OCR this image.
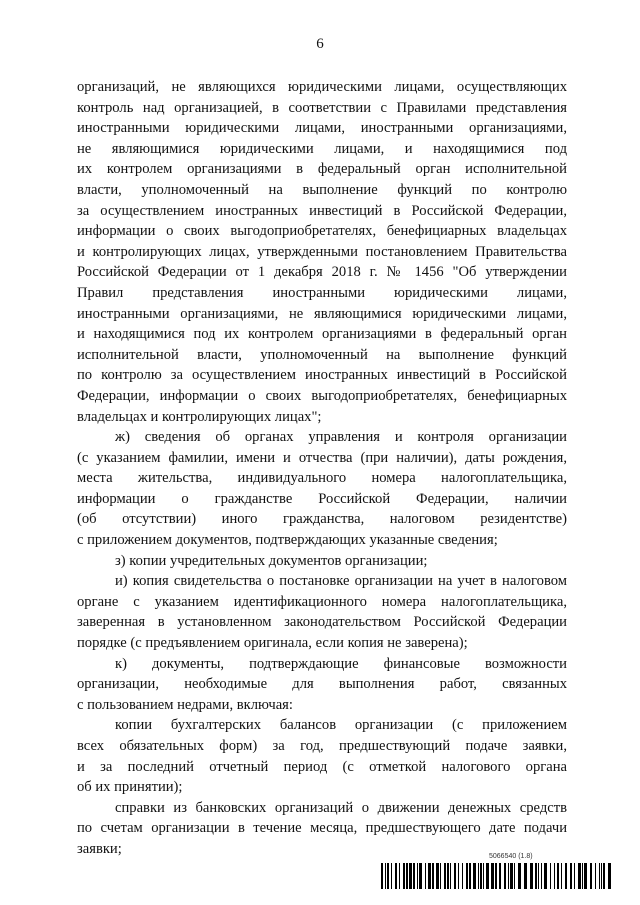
6
организаций, не являющихся юридическими лицами, осуществляющих
контроль над организацией, в соответствии с Правилами представления
иностранными юридическими лицами, иностранными организациями,
не являющимися юридическими лицами, и находящимися под
их контролем организациями в федеральный орган исполнительной
власти, уполномоченный на выполнение функций по контролю
за осуществлением иностранных инвестиций в Российской Федерации,
информации о своих выгодоприобретателях, бенефициарных владельцах
и контролирующих лицах, утвержденными постановлением Правительства
Российской Федерации от 1 декабря 2018 г. № 1456 "Об утверждении
Правил представления иностранными юридическими лицами,
иностранными организациями, не являющимися юридическими лицами,
и находящимися под их контролем организациями в федеральный орган
исполнительной власти, уполномоченный на выполнение функций
по контролю за осуществлением иностранных инвестиций в Российской
Федерации, информации о своих выгодоприобретателях, бенефициарных
владельцах и контролирующих лицах";
ж) сведения об органах управления и контроля организации
(с указанием фамилии, имени и отчества (при наличии), даты рождения,
места жительства, индивидуального номера налогоплательщика,
информации о гражданстве Российской Федерации, наличии
(об отсутствии) иного гражданства, налоговом резидентстве)
с приложением документов, подтверждающих указанные сведения;
з) копии учредительных документов организации;
и) копия свидетельства о постановке организации на учет в налоговом
органе с указанием идентификационного номера налогоплательщика,
заверенная в установленном законодательством Российской Федерации
порядке (с предъявлением оригинала, если копия не заверена);
к) документы, подтверждающие финансовые возможности
организации, необходимые для выполнения работ, связанных
с пользованием недрами, включая:
копии бухгалтерских балансов организации (с приложением
всех обязательных форм) за год, предшествующий подаче заявки,
и за последний отчетный период (с отметкой налогового органа
об их принятии);
справки из банковских организаций о движении денежных средств
по счетам организации в течение месяца, предшествующего дате подачи
заявки;	5066540 (1.8)
